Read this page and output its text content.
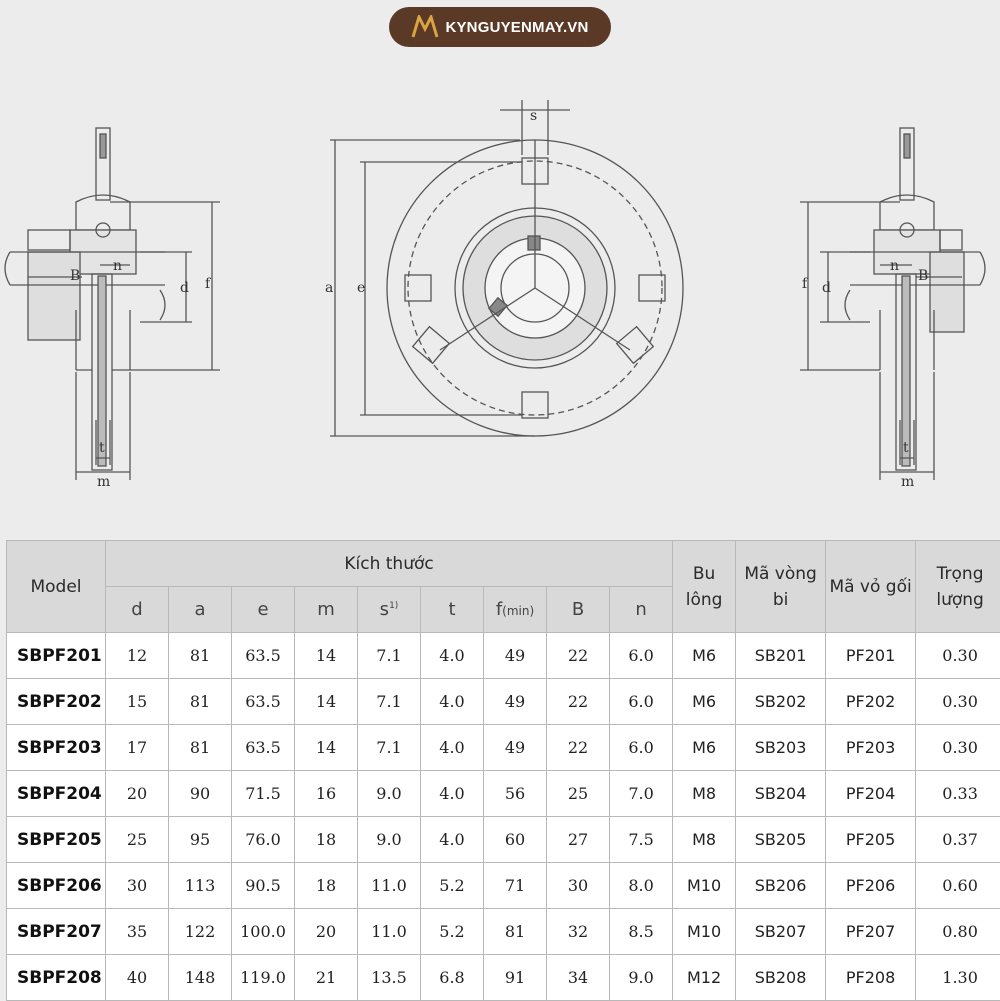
KYNGUYENMAY.VN
B
n
d f
t
m
s
a e
n
B
f d
t
m
Model	Kích thước									Bu lông	Mã vòng bi	Mã vỏ gối	Trọng lượng
	d	a	e	m	$s^{1)}$	t	f(min)	B	n				
SBPF201	12	81	63.5	14	7.1	4.0	49	22	6.0	M6	SB201	PF201	0.30
SBPF202	15	81	63.5	14	7.1	4.0	49	22	6.0	M6	SB202	PF202	0.30
SBPF203	17	81	63.5	14	7.1	4.0	49	22	6.0	M6	SB203	PF203	0.30
SBPF204	20	90	71.5	16	9.0	4.0	56	25	7.0	M8	SB204	PF204	0.33
SBPF205	25	95	76.0	18	9.0	4.0	60	27	7.5	M8	SB205	PF205	0.37
SBPF206	30	113	90.5	18	11.0	5.2	71	30	8.0	M10	SB206	PF206	0.60
SBPF207	35	122	100.0	20	11.0	5.2	81	32	8.5	M10	SB207	PF207	0.80
SBPF208	40	148	119.0	21	13.5	6.8	91	34	9.0	M12	SB208	PF208	1.30
